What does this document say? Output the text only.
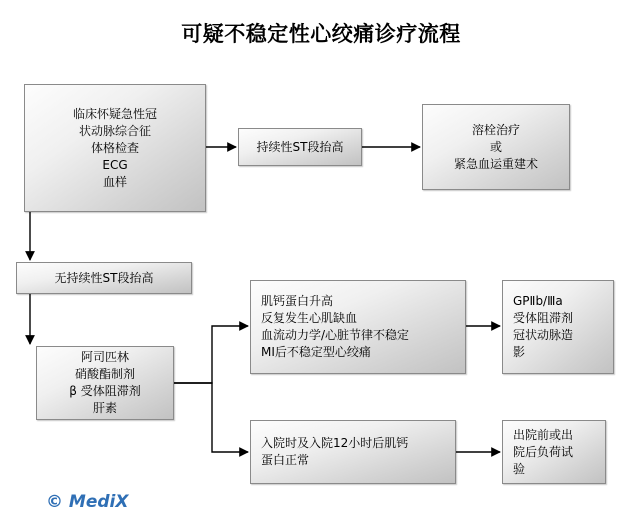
可疑不稳定性心绞痛诊疗流程
临床怀疑急性冠
状动脉综合征
体格检查
ECG
血样
持续性ST段抬高
溶栓治疗
或
紧急血运重建术
无持续性ST段抬高
阿司匹林
硝酸酯制剂
β 受体阻滞剂
肝素
肌钙蛋白升高
反复发生心肌缺血
血流动力学/心脏节律不稳定
MI后不稳定型心绞痛
GPⅡb/Ⅲa
受体阻滞剂
冠状动脉造
影
入院时及入院12小时后肌钙
蛋白正常
出院前或出
院后负荷试
验
© MediX
